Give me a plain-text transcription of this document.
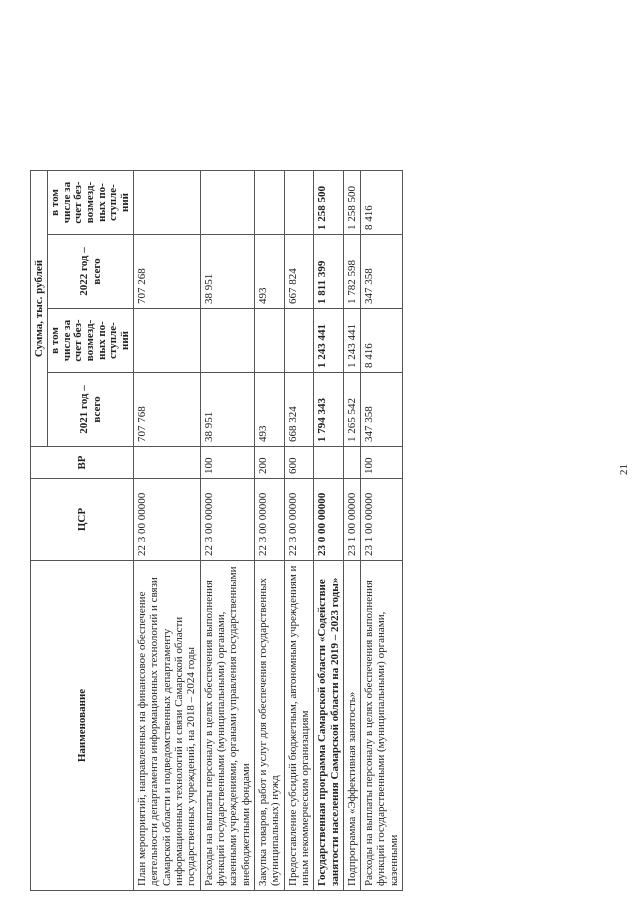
21
Наименование	ЦСР	ВР	Сумма, тыс. рублей			
			2021 год – всего	в том числе за счет без-возмезд-ных по-ступле-ний	2022 год – всего	в том числе за счет без-возмезд-ных по-ступле-ний
План мероприятий, направленных на финансовое обеспечение деятельности департамента информационных технологий и связи Самарской области и подведомственных департаменту информационных технологий и связи Самарской области государственных учреждений, на 2018 – 2024 годы	22 3 00 00000		707 768		707 268	
Расходы на выплаты персоналу в целях обеспечения выполнения функций государственными (муниципальными) органами, казенными учреждениями, органами управления государственными внебюджетными фондами	22 3 00 00000	100	38 951		38 951	
Закупка товаров, работ и услуг для обеспечения государственных (муниципальных) нужд	22 3 00 00000	200	493		493	
Предоставление субсидий бюджетным, автономным учреждениям и иным некоммерческим организациям	22 3 00 00000	600	668 324		667 824	
Государственная программа Самарской области «Содействие занятости населения Самарской области на 2019 – 2023 годы»	23 0 00 00000		1 794 343	1 243 441	1 811 399	1 258 500
Подпрограмма «Эффективная занятость»	23 1 00 00000		1 265 542	1 243 441	1 782 598	1 258 500
Расходы на выплаты персоналу в целях обеспечения выполнения функций государственными (муниципальными) органами, казенными	23 1 00 00000	100	347 358	8 416	347 358	8 416
